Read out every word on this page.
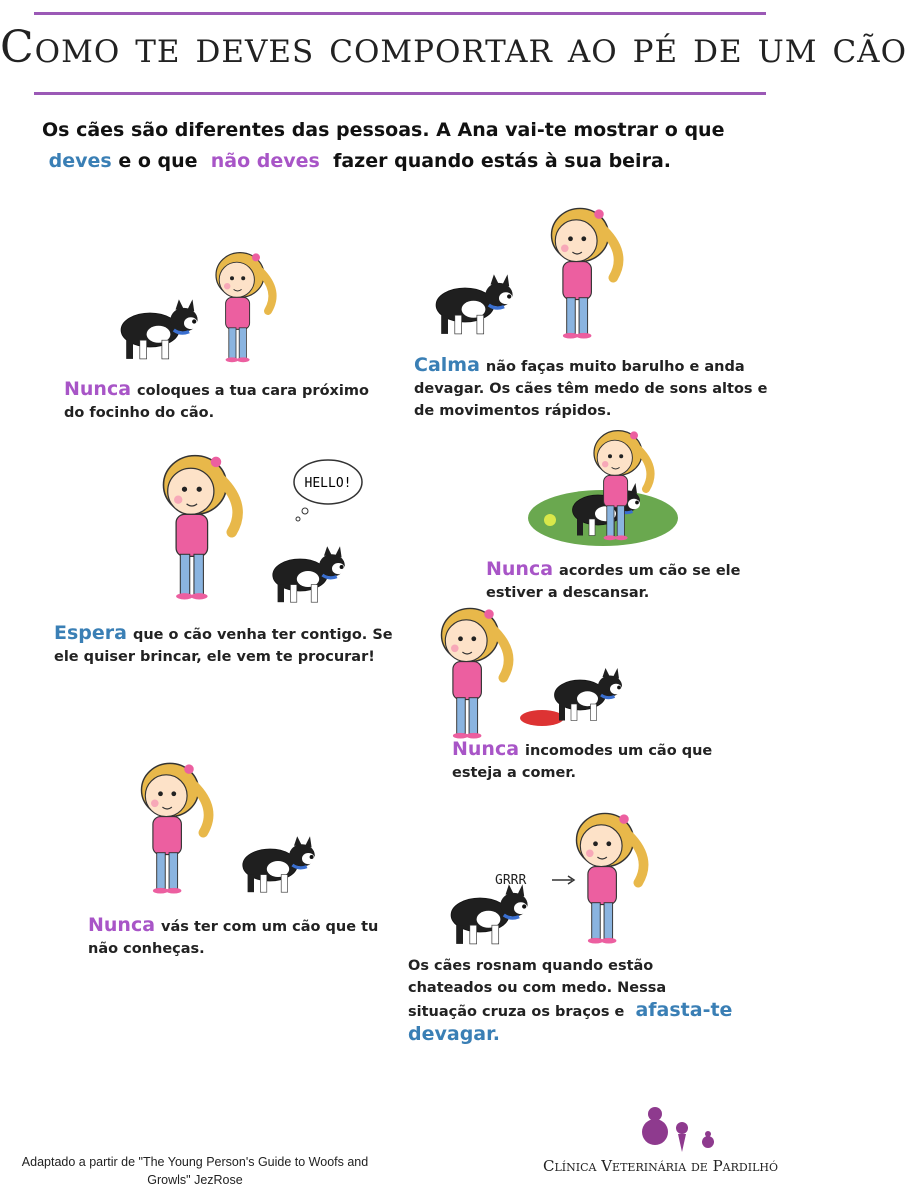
Como te deves comportar ao pé de um cão
Os cães são diferentes das pessoas. A Ana vai-te mostrar o que
deves e o que não deves fazer quando estás à sua beira.
Nunca coloques a tua cara próximo do focinho do cão.
Calma não faças muito barulho e anda devagar. Os cães têm medo de sons altos e de movimentos rápidos.
Nunca acordes um cão se ele estiver a descansar.
HELLO!
Espera que o cão venha ter contigo. Se ele quiser brincar, ele vem te procurar!
Nunca incomodes um cão que esteja a comer.
Nunca vás ter com um cão que tu não conheças.
GRRR
Os cães rosnam quando estão chateados ou com medo. Nessa situação cruza os braços e afasta-te devagar.
Adaptado a partir de "The Young Person's Guide to Woofs and Growls" JezRose
Clínica Veterinária de Pardilhó
